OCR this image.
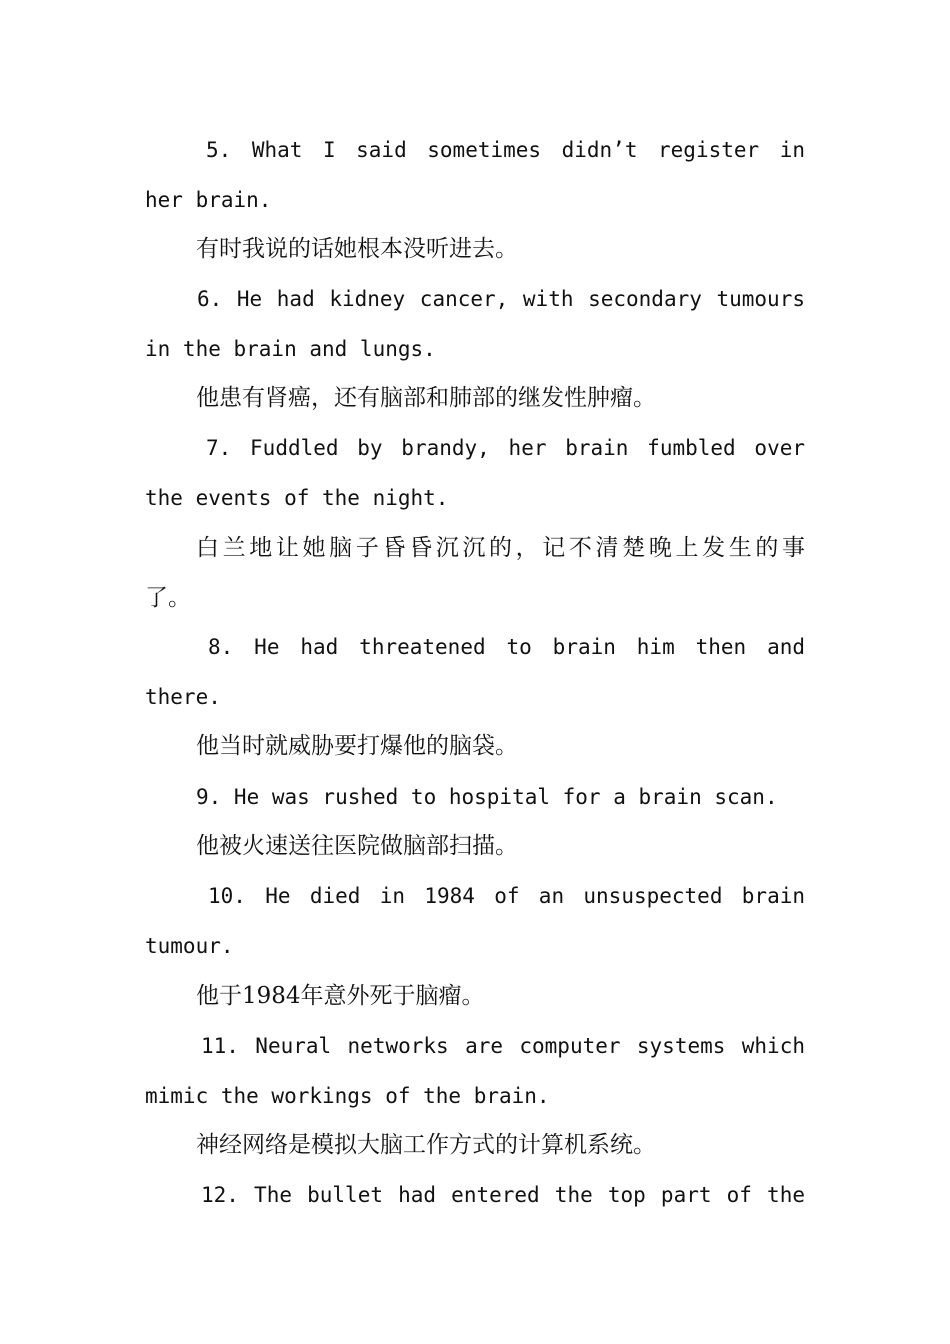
5. What I said sometimes didn’t register in
her brain.
有时我说的话她根本没听进去。
6. He had kidney cancer, with secondary tumours
in the brain and lungs.
他患有肾癌，还有脑部和肺部的继发性肿瘤。
7. Fuddled by brandy, her brain fumbled over
the events of the night.
白兰地让她脑子昏昏沉沉的，记不清楚晚上发生的事
了。
8. He had threatened to brain him then and
there.
他当时就威胁要打爆他的脑袋。
9. He was rushed to hospital for a brain scan.
他被火速送往医院做脑部扫描。
10. He died in 1984 of an unsuspected brain
tumour.
他于1984年意外死于脑瘤。
11. Neural networks are computer systems which
mimic the workings of the brain.
神经网络是模拟大脑工作方式的计算机系统。
12. The bullet had entered the top part of the
